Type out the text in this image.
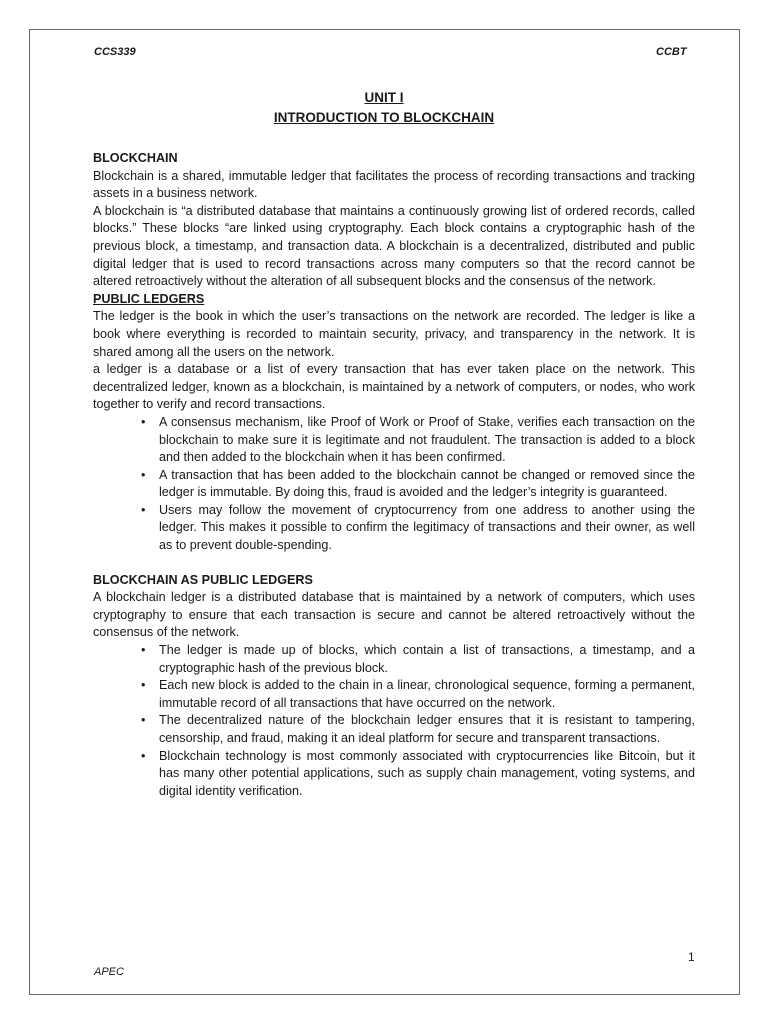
CCS339	CCBT
UNIT I
INTRODUCTION TO BLOCKCHAIN
BLOCKCHAIN

Blockchain is a shared, immutable ledger that facilitates the process of recording transactions and tracking assets in a business network.

A blockchain is “a distributed database that maintains a continuously growing list of ordered records, called blocks.” These blocks “are linked using cryptography. Each block contains a cryptographic hash of the previous block, a timestamp, and transaction data. A blockchain is a decentralized, distributed and public digital ledger that is used to record transactions across many computers so that the record cannot be altered retroactively without the alteration of all subsequent blocks and the consensus of the network.

PUBLIC LEDGERS

The ledger is the book in which the user’s transactions on the network are recorded. The ledger is like a book where everything is recorded to maintain security, privacy, and transparency in the network. It is shared among all the users on the network.

a ledger is a database or a list of every transaction that has ever taken place on the network. This decentralized ledger, known as a blockchain, is maintained by a network of computers, or nodes, who work together to verify and record transactions.

• A consensus mechanism, like Proof of Work or Proof of Stake, verifies each transaction on the blockchain to make sure it is legitimate and not fraudulent. The transaction is added to a block and then added to the blockchain when it has been confirmed.
• A transaction that has been added to the blockchain cannot be changed or removed since the ledger is immutable. By doing this, fraud is avoided and the ledger’s integrity is guaranteed.
• Users may follow the movement of cryptocurrency from one address to another using the ledger. This makes it possible to confirm the legitimacy of transactions and their owner, as well as to prevent double-spending.
BLOCKCHAIN AS PUBLIC LEDGERS

A blockchain ledger is a distributed database that is maintained by a network of computers, which uses cryptography to ensure that each transaction is secure and cannot be altered retroactively without the consensus of the network.

• The ledger is made up of blocks, which contain a list of transactions, a timestamp, and a cryptographic hash of the previous block.
• Each new block is added to the chain in a linear, chronological sequence, forming a permanent, immutable record of all transactions that have occurred on the network.
• The decentralized nature of the blockchain ledger ensures that it is resistant to tampering, censorship, and fraud, making it an ideal platform for secure and transparent transactions.
• Blockchain technology is most commonly associated with cryptocurrencies like Bitcoin, but it has many other potential applications, such as supply chain management, voting systems, and digital identity verification.
1
APEC
